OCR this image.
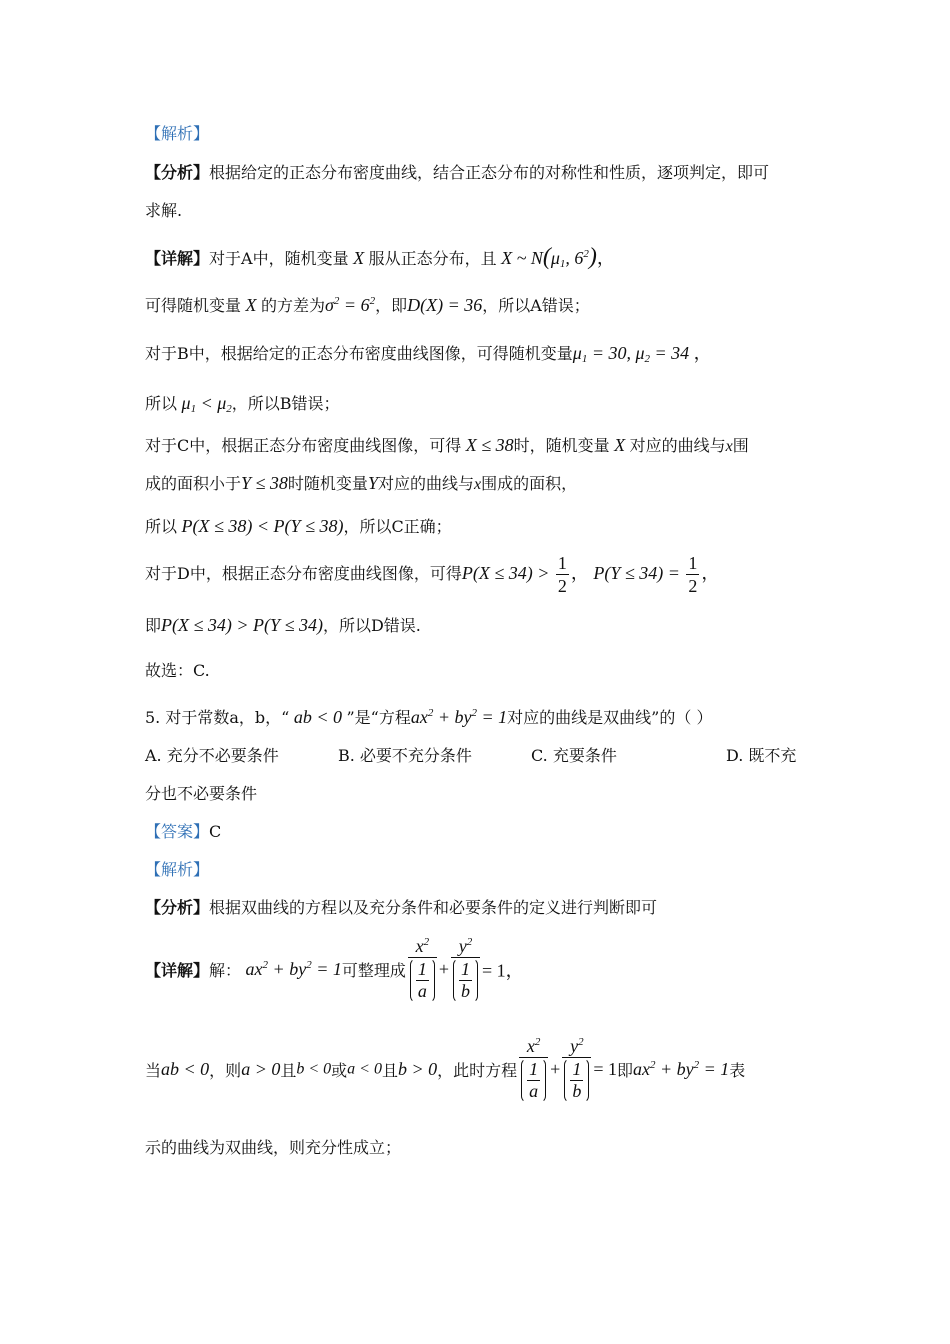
【解析】
【分析】根据给定的正态分布密度曲线，结合正态分布的对称性和性质，逐项判定，即可
求解.
【详解】对于A中，随机变量 X 服从正态分布，且 X ~ $N(\mu_1$, $6^2$)，
可得随机变量 X 的方差为$\sigma^2 = 6^2$，即D(X) = 36，所以A错误；
对于B中，根据给定的正态分布密度曲线图像，可得随机变量$\mu_1 = 30$, $\mu_2 = 34$ ，
所以 $\mu_1 < \mu_2$，所以B错误；
对于C中，根据正态分布密度曲线图像，可得 X ≤ 38时，随机变量 X 对应的曲线与x围
成的面积小于Y ≤ 38时随机变量Y对应的曲线与x围成的面积，
所以 P(X ≤ 38) < P(Y ≤ 38)，所以C正确；
对于D中，根据正态分布密度曲线图像，可得$P(X \le 34) > \frac{1}{2}$ ， $P(Y \le 34) = \frac{1}{2}$ ，
即P(X ≤ 34) > P(Y ≤ 34)，所以D错误.
故选：C.
5. 对于常数a，b，“ ab < 0 ”是“方程$ax^2 + by^2 = 1$对应的曲线是双曲线”的（ ）
A. 充分不必要条件	B. 必要不充分条件	C. 充要条件	D. 既不充
分也不必要条件
【答案】C
【解析】
【分析】根据双曲线的方程以及充分条件和必要条件的定义进行判断即可
【详解】解： $ax^2 + by^2 = 1$可整理成 $\frac{x^2}{\frac{1}{a}} + \frac{y^2}{\frac{1}{b}} = 1$，
当ab < 0，则a > 0且b < 0或a < 0且b > 0，此时方程 $\frac{x^2}{\frac{1}{a}} + \frac{y^2}{\frac{1}{b}} = 1$即$ax^2 + by^2 = 1$表
示的曲线为双曲线，则充分性成立；
